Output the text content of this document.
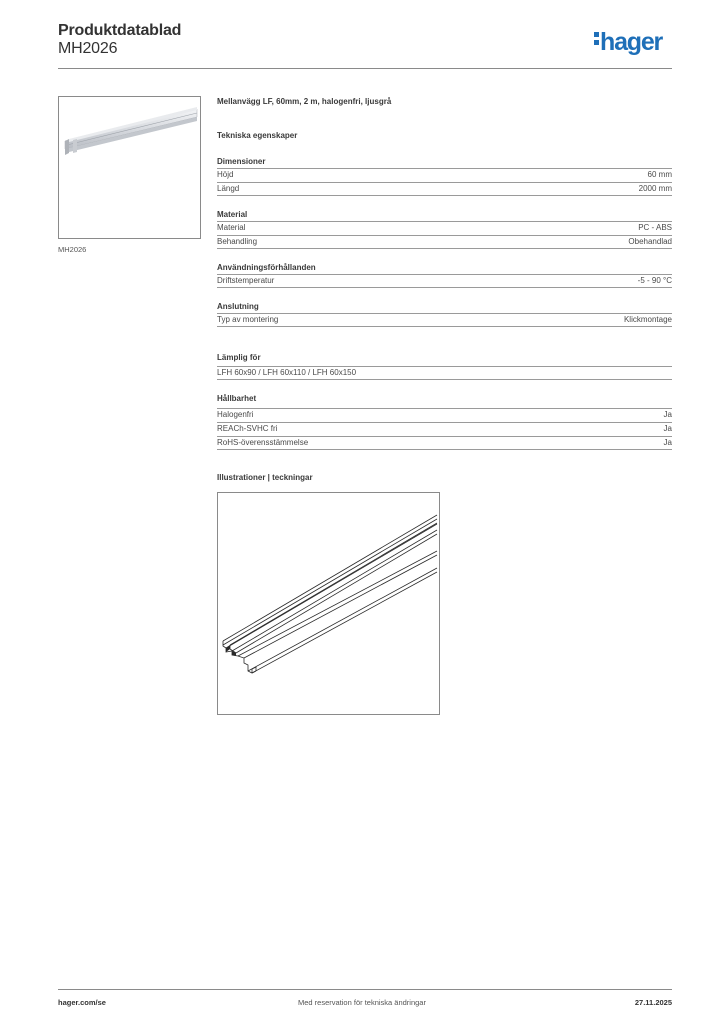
Produktdatablad
MH2026	hager
MH2026
Mellanvägg LF, 60mm, 2 m, halogenfri, ljusgrå
Tekniska egenskaper
Dimensioner
Höjd	60 mm
Längd	2000 mm
Material
Material	PC - ABS
Behandling	Obehandlad
Användningsförhållanden
Driftstemperatur	-5 - 90 °C
Anslutning
Typ av montering	Klickmontage
Lämplig för
LFH 60x90 / LFH 60x110 / LFH 60x150
Hållbarhet
Halogenfri	Ja
REACh-SVHC fri	Ja
RoHS-överensstämmelse	Ja
Illustrationer | teckningar
hager.com/se	Med reservation för tekniska ändringar	27.11.2025
